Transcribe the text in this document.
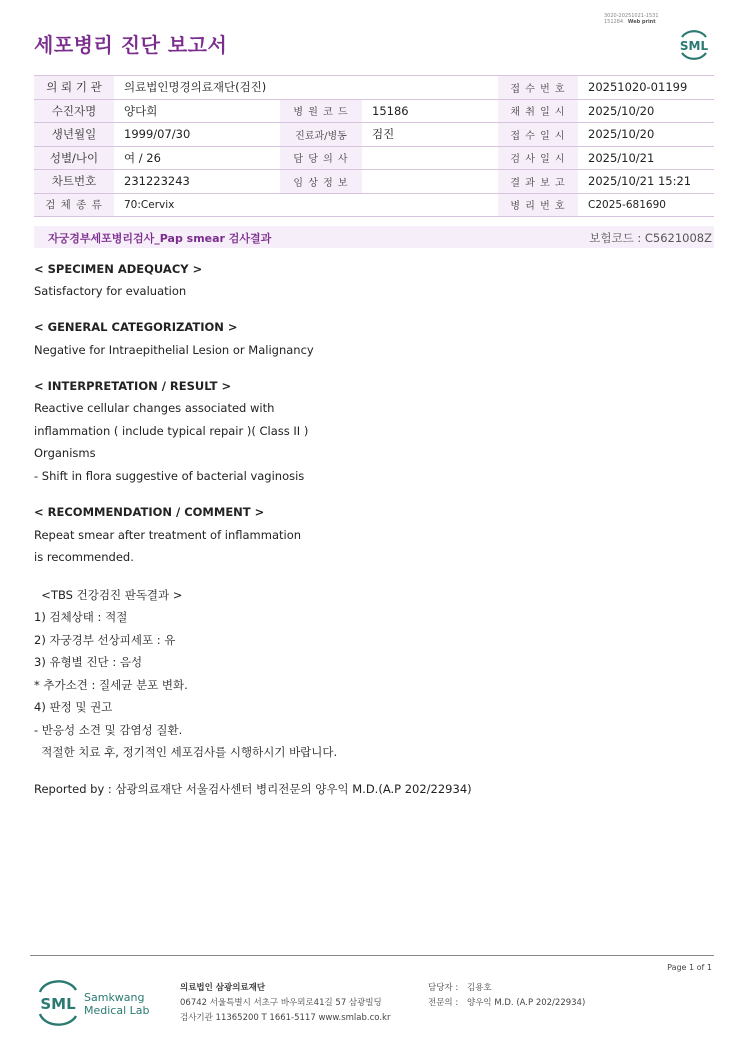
세포병리 진단 보고서
3020-20251021-1531
151284 Web print
SML
의 뢰 기 관	의료법인명경의료재단(검진)			접 수 번 호	20251020-01199
수진자명	양다희	병 원 코 드	15186	채 취 일 시	2025/10/20
생년월일	1999/07/30	진료과/병동	검진	접 수 일 시	2025/10/20
성별/나이	여 / 26	담 당 의 사		검 사 일 시	2025/10/21
차트번호	231223243	임 상 정 보		결 과 보 고	2025/10/21 15:21
검 체 종 류	70:Cervix			병 리 번 호	C2025-681690
자궁경부세포병리검사_Pap smear 검사결과	보험코드 : C5621008Z
< SPECIMEN ADEQUACY >
Satisfactory for evaluation
< GENERAL CATEGORIZATION >
Negative for Intraepithelial Lesion or Malignancy
< INTERPRETATION / RESULT >
Reactive cellular changes associated with
inflammation ( include typical repair )( Class II )
Organisms
- Shift in flora suggestive of bacterial vaginosis
< RECOMMENDATION / COMMENT >
Repeat smear after treatment of inflammation
is recommended.
<TBS 건강검진 판독결과 >
1) 검체상태 : 적절
2) 자궁경부 선상피세포 : 유
3) 유형별 진단 : 음성
* 추가소견 : 질세균 분포 변화.
4) 판정 및 권고
- 반응성 소견 및 감염성 질환.
적절한 치료 후, 정기적인 세포검사를 시행하시기 바랍니다.
Reported by : 삼광의료재단 서울검사센터 병리전문의 양우익 M.D.(A.P 202/22934)
Page 1 of 1
SML Samkwang
Medical Lab
의료법인 삼광의료재단
06742 서울특별시 서초구 바우뫼로41길 57 삼광빌딩
검사기관 11365200 T 1661-5117 www.smlab.co.kr
담당자 : 김용호
전문의 : 양우익 M.D. (A.P 202/22934)
